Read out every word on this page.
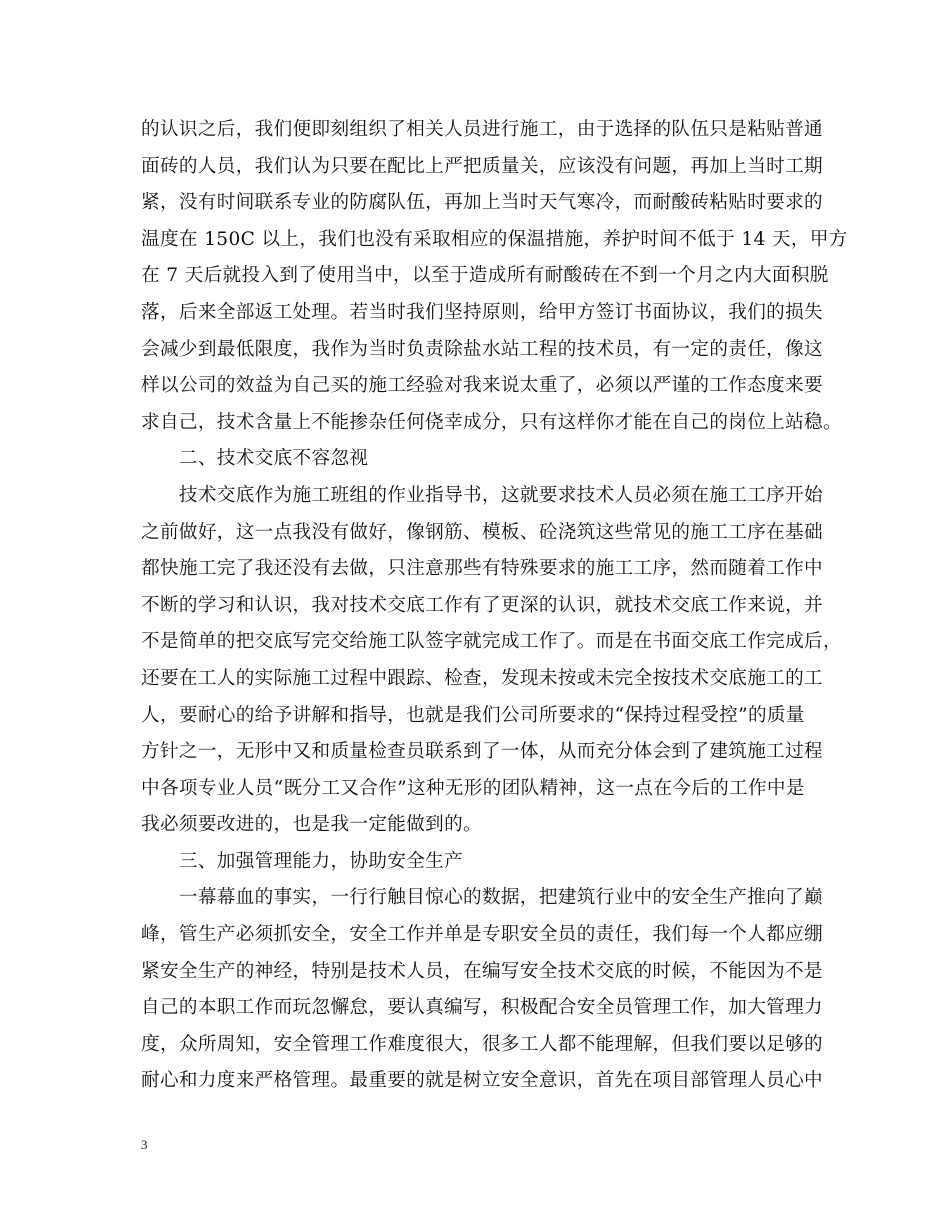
的认识之后，我们便即刻组织了相关人员进行施工，由于选择的队伍只是粘贴普通
面砖的人员，我们认为只要在配比上严把质量关，应该没有问题，再加上当时工期
紧，没有时间联系专业的防腐队伍，再加上当时天气寒冷，而耐酸砖粘贴时要求的
温度在 150C 以上，我们也没有采取相应的保温措施，养护时间不低于 14 天，甲方
在 7 天后就投入到了使用当中，以至于造成所有耐酸砖在不到一个月之内大面积脱
落，后来全部返工处理。若当时我们坚持原则，给甲方签订书面协议，我们的损失
会减少到最低限度，我作为当时负责除盐水站工程的技术员，有一定的责任，像这
样以公司的效益为自己买的施工经验对我来说太重了，必须以严谨的工作态度来要
求自己，技术含量上不能掺杂任何侥幸成分，只有这样你才能在自己的岗位上站稳。
　　二、技术交底不容忽视
　　技术交底作为施工班组的作业指导书，这就要求技术人员必须在施工工序开始
之前做好，这一点我没有做好，像钢筋、模板、砼浇筑这些常见的施工工序在基础
都快施工完了我还没有去做，只注意那些有特殊要求的施工工序，然而随着工作中
不断的学习和认识，我对技术交底工作有了更深的认识，就技术交底工作来说，并
不是简单的把交底写完交给施工队签字就完成工作了。而是在书面交底工作完成后，
还要在工人的实际施工过程中跟踪、检查，发现未按或未完全按技术交底施工的工
人，要耐心的给予讲解和指导，也就是我们公司所要求的“保持过程受控”的质量
方针之一，无形中又和质量检查员联系到了一体，从而充分体会到了建筑施工过程
中各项专业人员“既分工又合作”这种无形的团队精神，这一点在今后的工作中是
我必须要改进的，也是我一定能做到的。
　　三、加强管理能力，协助安全生产
　　一幕幕血的事实，一行行触目惊心的数据，把建筑行业中的安全生产推向了巅
峰，管生产必须抓安全，安全工作并单是专职安全员的责任，我们每一个人都应绷
紧安全生产的神经，特别是技术人员，在编写安全技术交底的时候，不能因为不是
自己的本职工作而玩忽懈怠，要认真编写，积极配合安全员管理工作，加大管理力
度，众所周知，安全管理工作难度很大，很多工人都不能理解，但我们要以足够的
耐心和力度来严格管理。最重要的就是树立安全意识，首先在项目部管理人员心中
3
